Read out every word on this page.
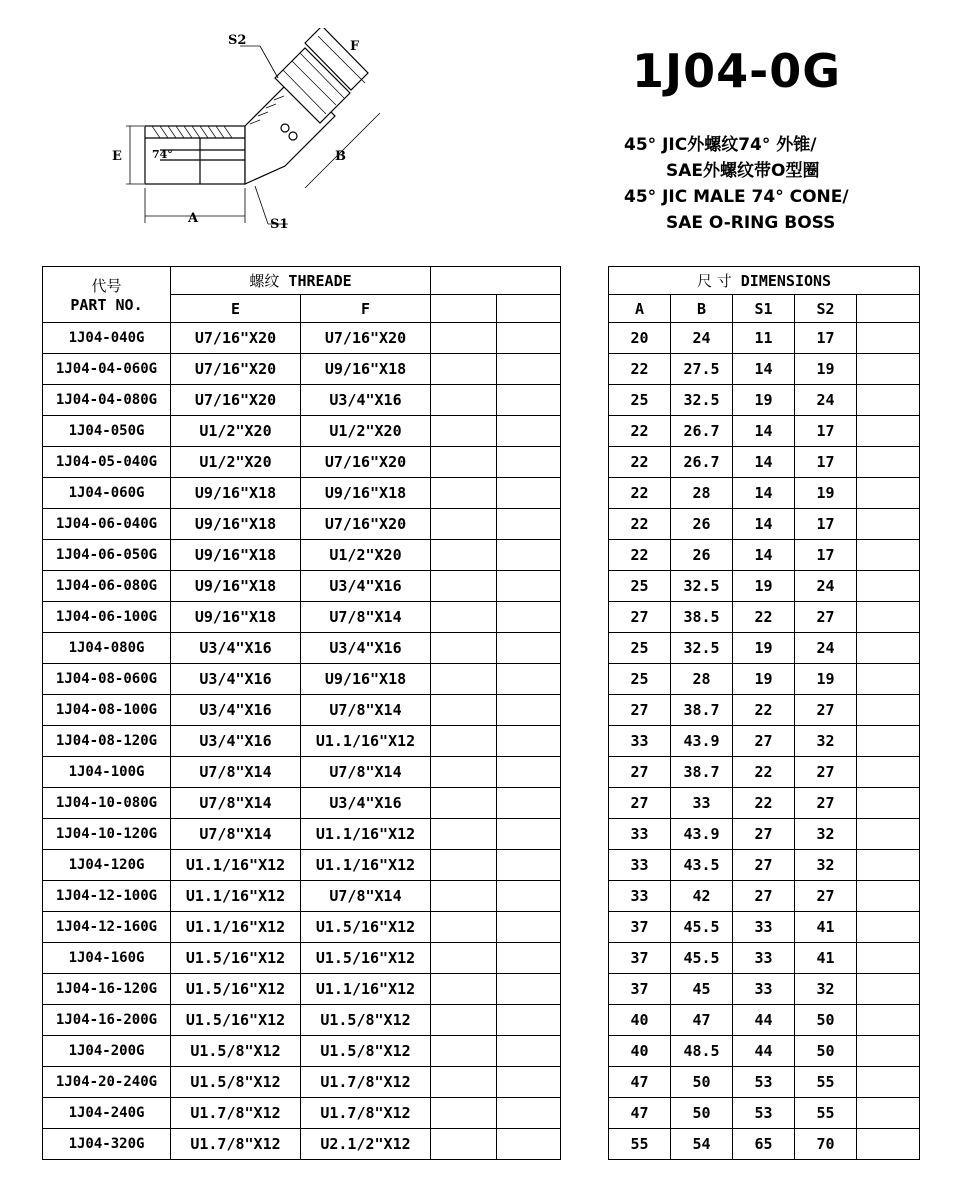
S2	F
E	74°	B
A	S1
1J04-0G
45° JIC外螺纹74° 外锥/
SAE外螺纹带O型圈
45° JIC MALE 74° CONE/
SAE O-RING BOSS
代号
PART NO.	螺纹 THREADE					尺 寸 DIMENSIONS				
	E	F				A	B	S1	S2	
1J04-040G	U7/16"X20	U7/16"X20				20	24	11	17	
1J04-04-060G	U7/16"X20	U9/16"X18				22	27.5	14	19	
1J04-04-080G	U7/16"X20	U3/4"X16				25	32.5	19	24	
1J04-050G	U1/2"X20	U1/2"X20				22	26.7	14	17	
1J04-05-040G	U1/2"X20	U7/16"X20				22	26.7	14	17	
1J04-060G	U9/16"X18	U9/16"X18				22	28	14	19	
1J04-06-040G	U9/16"X18	U7/16"X20				22	26	14	17	
1J04-06-050G	U9/16"X18	U1/2"X20				22	26	14	17	
1J04-06-080G	U9/16"X18	U3/4"X16				25	32.5	19	24	
1J04-06-100G	U9/16"X18	U7/8"X14				27	38.5	22	27	
1J04-080G	U3/4"X16	U3/4"X16				25	32.5	19	24	
1J04-08-060G	U3/4"X16	U9/16"X18				25	28	19	19	
1J04-08-100G	U3/4"X16	U7/8"X14				27	38.7	22	27	
1J04-08-120G	U3/4"X16	U1.1/16"X12				33	43.9	27	32	
1J04-100G	U7/8"X14	U7/8"X14				27	38.7	22	27	
1J04-10-080G	U7/8"X14	U3/4"X16				27	33	22	27	
1J04-10-120G	U7/8"X14	U1.1/16"X12				33	43.9	27	32	
1J04-120G	U1.1/16"X12	U1.1/16"X12				33	43.5	27	32	
1J04-12-100G	U1.1/16"X12	U7/8"X14				33	42	27	27	
1J04-12-160G	U1.1/16"X12	U1.5/16"X12				37	45.5	33	41	
1J04-160G	U1.5/16"X12	U1.5/16"X12				37	45.5	33	41	
1J04-16-120G	U1.5/16"X12	U1.1/16"X12				37	45	33	32	
1J04-16-200G	U1.5/16"X12	U1.5/8"X12				40	47	44	50	
1J04-200G	U1.5/8"X12	U1.5/8"X12				40	48.5	44	50	
1J04-20-240G	U1.5/8"X12	U1.7/8"X12				47	50	53	55	
1J04-240G	U1.7/8"X12	U1.7/8"X12				47	50	53	55	
1J04-320G	U1.7/8"X12	U2.1/2"X12				55	54	65	70	
